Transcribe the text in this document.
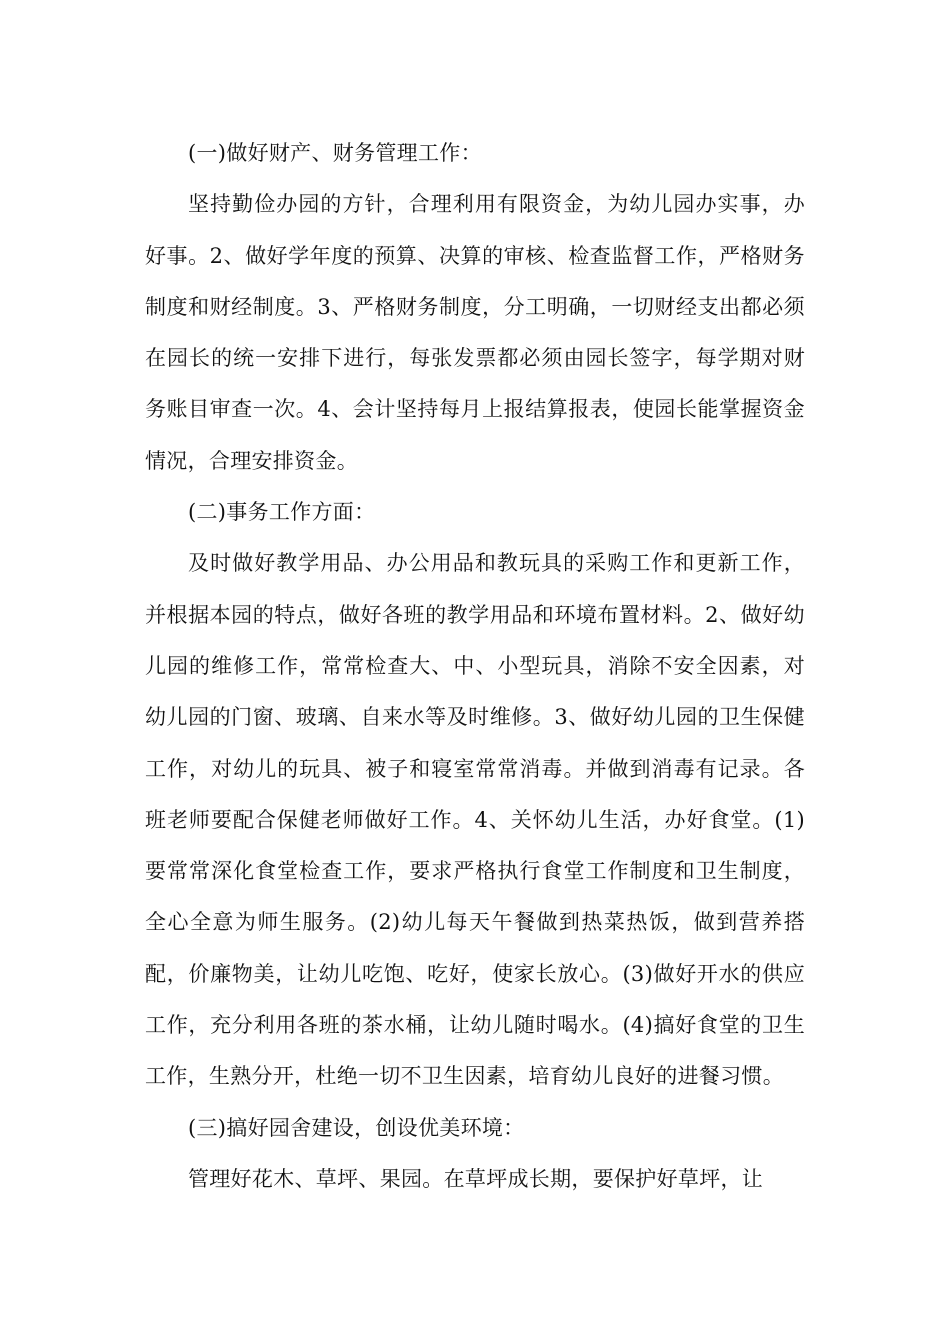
(一)做好财产、财务管理工作：

坚持勤俭办园的方针，合理利用有限资金，为幼儿园办实事，办好事。2、做好学年度的预算、决算的审核、检查监督工作，严格财务制度和财经制度。3、严格财务制度，分工明确，一切财经支出都必须在园长的统一安排下进行，每张发票都必须由园长签字，每学期对财务账目审查一次。4、会计坚持每月上报结算报表，使园长能掌握资金情况，合理安排资金。

(二)事务工作方面：

及时做好教学用品、办公用品和教玩具的采购工作和更新工作，并根据本园的特点，做好各班的教学用品和环境布置材料。2、做好幼儿园的维修工作，常常检查大、中、小型玩具，消除不安全因素，对幼儿园的门窗、玻璃、自来水等及时维修。3、做好幼儿园的卫生保健工作，对幼儿的玩具、被子和寝室常常消毒。并做到消毒有记录。各班老师要配合保健老师做好工作。4、关怀幼儿生活，办好食堂。(1)要常常深化食堂检查工作，要求严格执行食堂工作制度和卫生制度，全心全意为师生服务。(2)幼儿每天午餐做到热菜热饭，做到营养搭配，价廉物美，让幼儿吃饱、吃好，使家长放心。(3)做好开水的供应工作，充分利用各班的茶水桶，让幼儿随时喝水。(4)搞好食堂的卫生工作，生熟分开，杜绝一切不卫生因素，培育幼儿良好的进餐习惯。

(三)搞好园舍建设，创设优美环境：

管理好花木、草坪、果园。在草坪成长期，要保护好草坪，让
